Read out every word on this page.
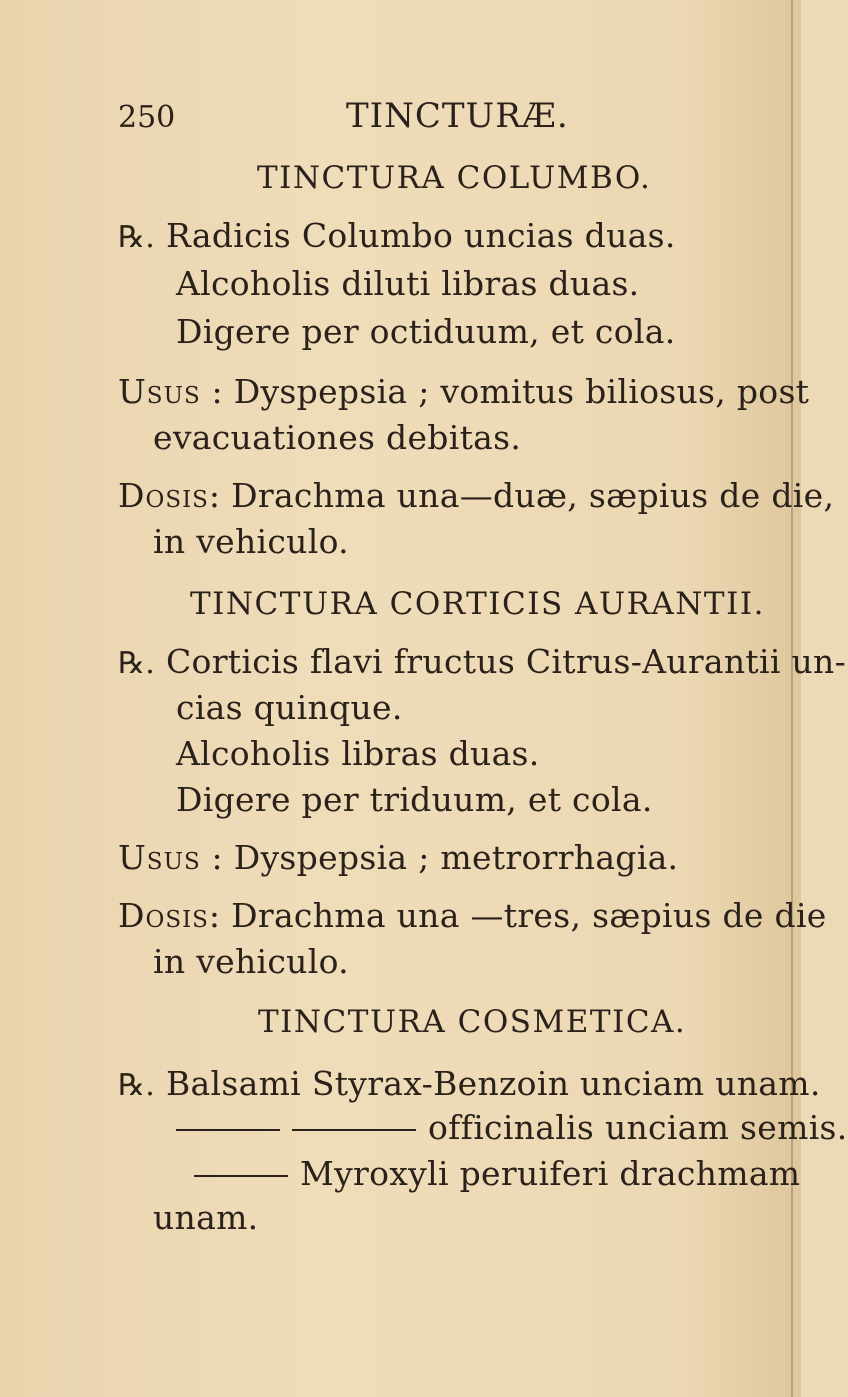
250	TINCTURÆ.
TINCTURA COLUMBO.
℞. Radicis Columbo uncias duas.
Alcoholis diluti libras duas.
Digere per octiduum, et cola.
Usus : Dyspepsia ; vomitus biliosus, post
evacuationes debitas.
Dosis: Drachma una—duæ, sæpius de die,
in vehiculo.
TINCTURA CORTICIS AURANTII.
℞. Corticis flavi fructus Citrus-Aurantii un-
cias quinque.
Alcoholis libras duas.
Digere per triduum, et cola.
Usus : Dyspepsia ; metrorrhagia.
Dosis: Drachma una —tres, sæpius de die
in vehiculo.
TINCTURA COSMETICA.
℞. Balsami Styrax-Benzoin unciam unam.
officinalis unciam semis.
Myroxyli peruiferi drachmam
unam.
